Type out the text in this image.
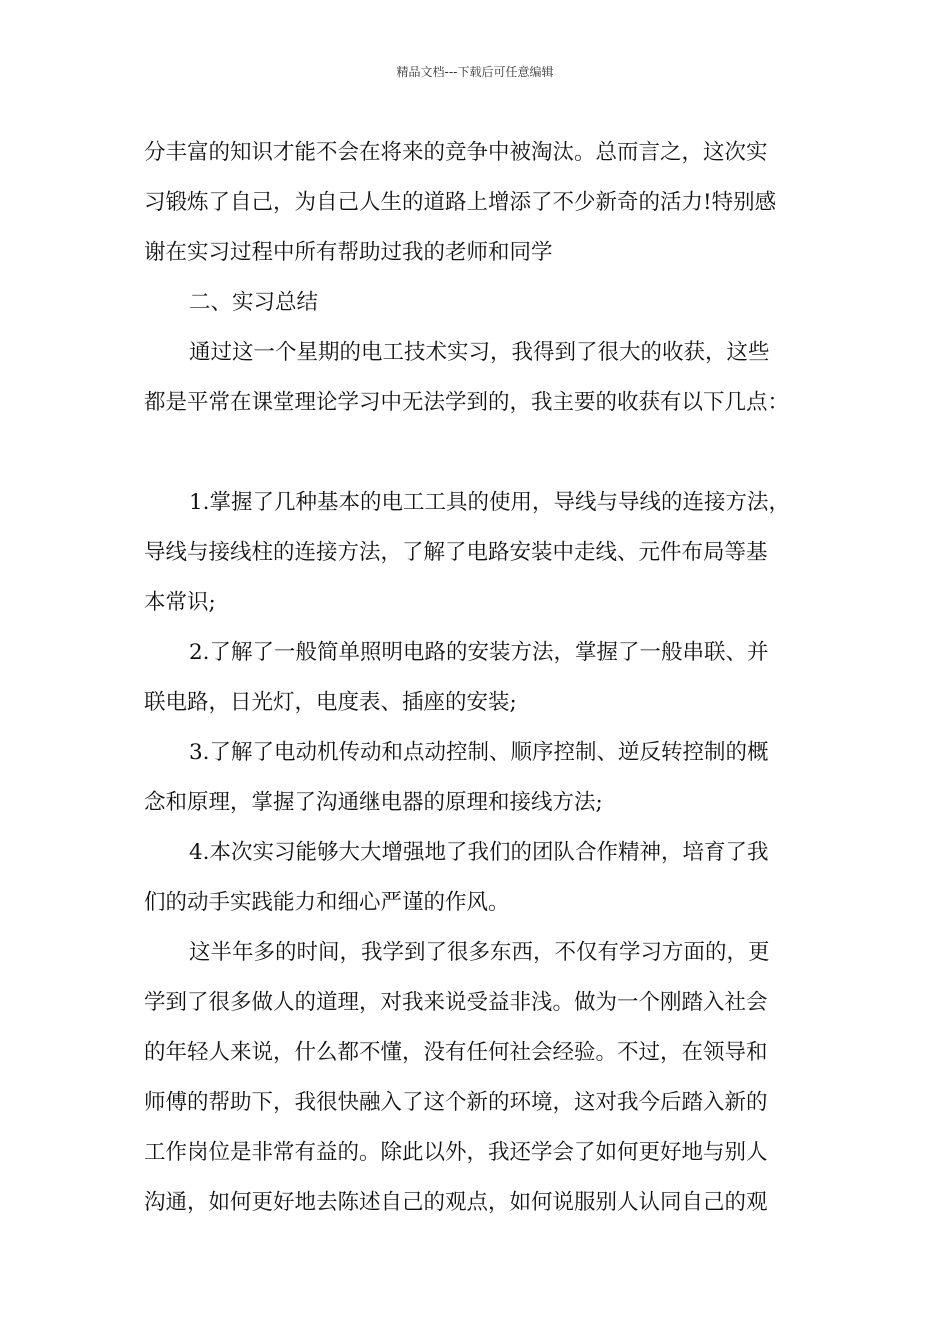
精品文档---下载后可任意编辑
分丰富的知识才能不会在将来的竞争中被淘汰。总而言之，这次实
习锻炼了自己，为自己人生的道路上增添了不少新奇的活力!特别感
谢在实习过程中所有帮助过我的老师和同学
二、实习总结
通过这一个星期的电工技术实习，我得到了很大的收获，这些
都是平常在课堂理论学习中无法学到的，我主要的收获有以下几点：
1.掌握了几种基本的电工工具的使用，导线与导线的连接方法，
导线与接线柱的连接方法，了解了电路安装中走线、元件布局等基
本常识;
2.了解了一般简单照明电路的安装方法，掌握了一般串联、并
联电路，日光灯，电度表、插座的安装;
3.了解了电动机传动和点动控制、顺序控制、逆反转控制的概
念和原理，掌握了沟通继电器的原理和接线方法;
4.本次实习能够大大增强地了我们的团队合作精神，培育了我
们的动手实践能力和细心严谨的作风。
这半年多的时间，我学到了很多东西，不仅有学习方面的，更
学到了很多做人的道理，对我来说受益非浅。做为一个刚踏入社会
的年轻人来说，什么都不懂，没有任何社会经验。不过，在领导和
师傅的帮助下，我很快融入了这个新的环境，这对我今后踏入新的
工作岗位是非常有益的。除此以外，我还学会了如何更好地与别人
沟通，如何更好地去陈述自己的观点，如何说服别人认同自己的观
